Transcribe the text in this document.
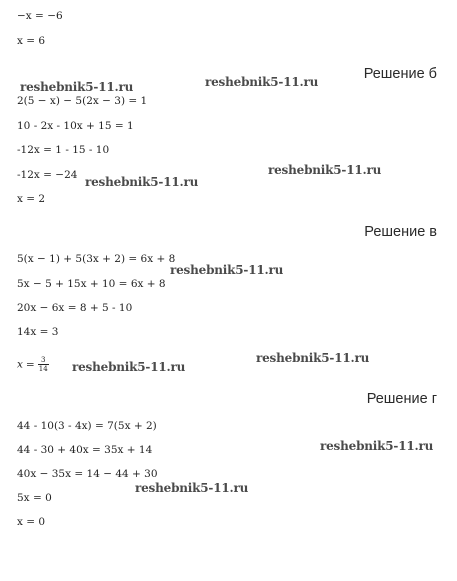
−x = −6
x = 6
Решение б
reshebnik5-11.ru	reshebnik5-11.ru
2(5 − x) − 5(2x − 3) = 1
10 - 2x - 10x + 15 = 1
-12x = 1 - 15 - 10
reshebnik5-11.ru
-12x = −24 reshebnik5-11.ru
x = 2
Решение в
5(x − 1) + 5(3x + 2) = 6x + 8
reshebnik5-11.ru
5x − 5 + 15x + 10 = 6x + 8
20x − 6x = 8 + 5 - 10
14x = 3
reshebnik5-11.ru
$x = \frac{3}{14}$ reshebnik5-11.ru
Решение г
44 - 10(3 - 4x) = 7(5x + 2)
reshebnik5-11.ru
44 - 30 + 40x = 35x + 14
40x − 35x = 14 − 44 + 30
reshebnik5-11.ru
5x = 0
x = 0
